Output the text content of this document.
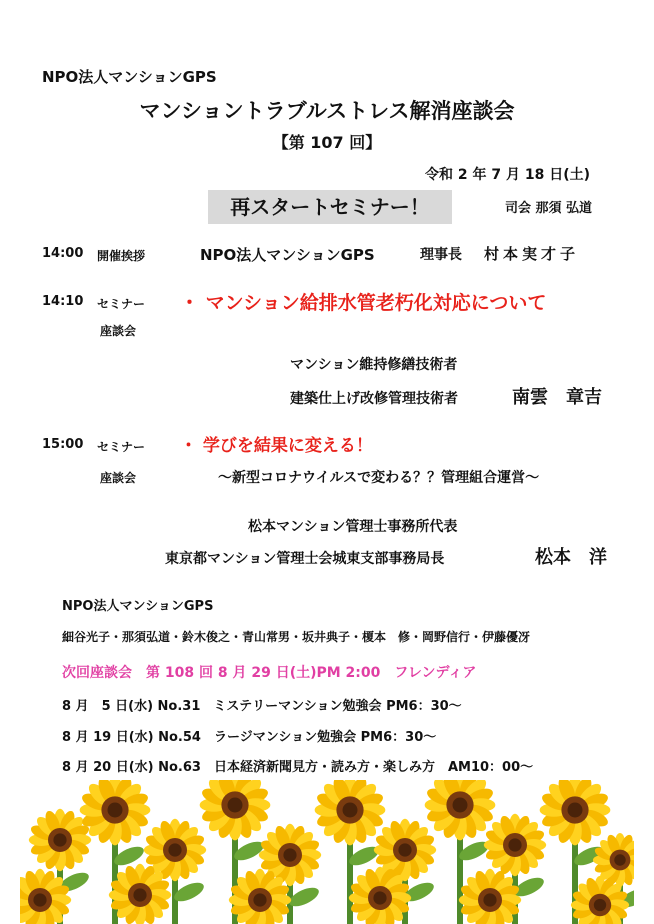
NPO法人マンションGPS
マンショントラブルストレス解消座談会
【第 107 回】
令和 2 年 7 月 18 日(土)
再スタートセミナー！	司会 那須 弘道
14:00 開催挨拶	NPO法人マンションGPS	理事長 村本実才子
14:10 セミナー
座談会
・ マンション給排水管老朽化対応について
マンション維持修繕技術者
建築仕上げ改修管理技術者	南雲　章吉
15:00 セミナー
座談会
・ 学びを結果に変える！
～新型コロナウイルスで変わる？？管理組合運営～
松本マンション管理士事務所代表
東京都マンション管理士会城東支部事務局長	松本　洋
NPO法人マンションGPS
細谷光子・那須弘道・鈴木俊之・青山常男・坂井典子・榎本　修・岡野信行・伊藤優冴
次回座談会　第 108 回 8 月 29 日(土)PM 2:00　フレンディア
8 月　5 日(水) No.31　ミステリーマンション勉強会 PM6：30～
8 月 19 日(水) No.54　ラージマンション勉強会 PM6：30～
8 月 20 日(水) No.63　日本経済新聞見方・読み方・楽しみ方　AM10：00～
